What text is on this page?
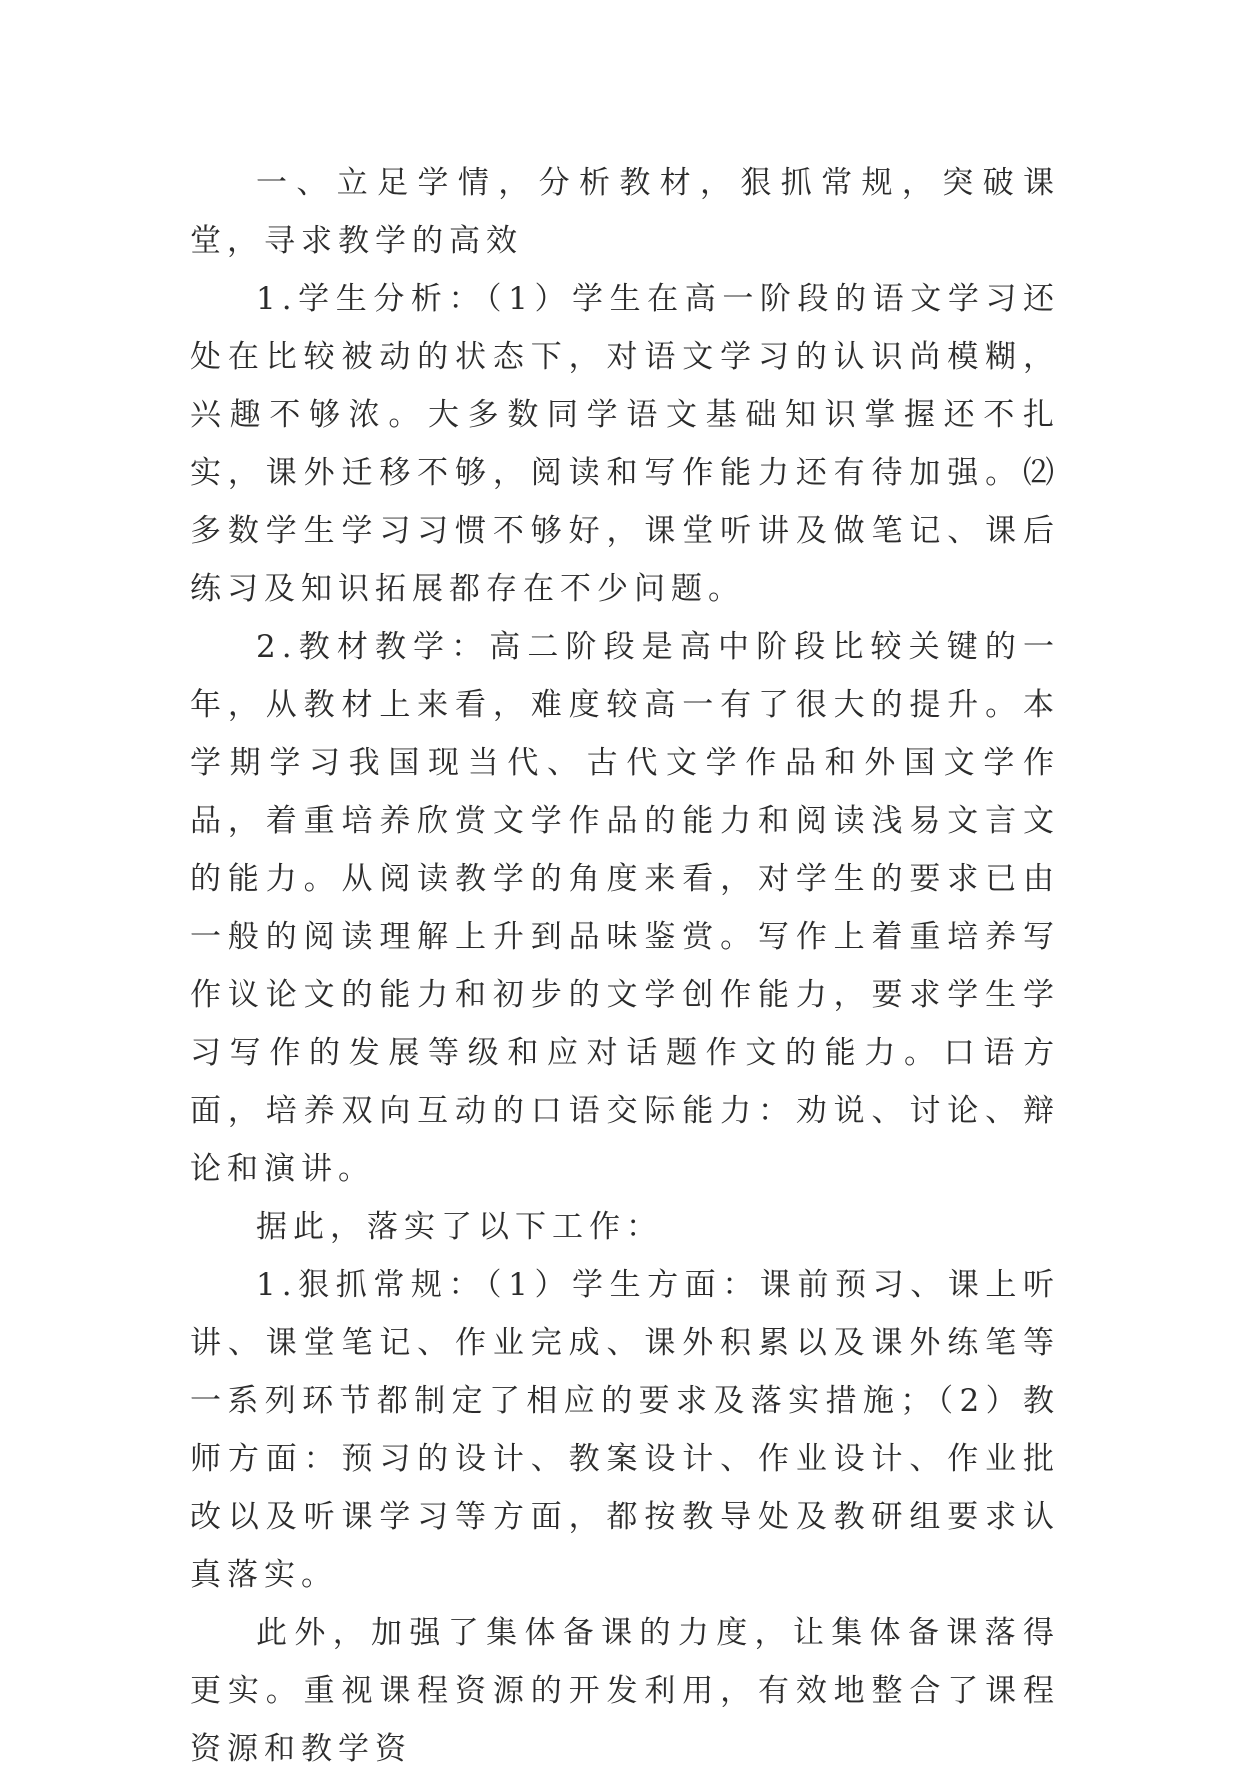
一、立足学情，分析教材，狠抓常规，突破课堂，寻求教学的高效

1.学生分析：（1）学生在高一阶段的语文学习还处在比较被动的状态下，对语文学习的认识尚模糊，兴趣不够浓。大多数同学语文基础知识掌握还不扎实，课外迁移不够，阅读和写作能力还有待加强。⑵多数学生学习习惯不够好，课堂听讲及做笔记、课后练习及知识拓展都存在不少问题。

2.教材教学：高二阶段是高中阶段比较关键的一年，从教材上来看，难度较高一有了很大的提升。本学期学习我国现当代、古代文学作品和外国文学作品，着重培养欣赏文学作品的能力和阅读浅易文言文的能力。从阅读教学的角度来看，对学生的要求已由一般的阅读理解上升到品味鉴赏。写作上着重培养写作议论文的能力和初步的文学创作能力，要求学生学习写作的发展等级和应对话题作文的能力。口语方面，培养双向互动的口语交际能力：劝说、讨论、辩论和演讲。

据此，落实了以下工作：

1.狠抓常规：（1）学生方面：课前预习、课上听讲、课堂笔记、作业完成、课外积累以及课外练笔等一系列环节都制定了相应的要求及落实措施；（2）教师方面：预习的设计、教案设计、作业设计、作业批改以及听课学习等方面，都按教导处及教研组要求认真落实。

此外，加强了集体备课的力度，让集体备课落得更实。重视课程资源的开发利用，有效地整合了课程资源和教学资
